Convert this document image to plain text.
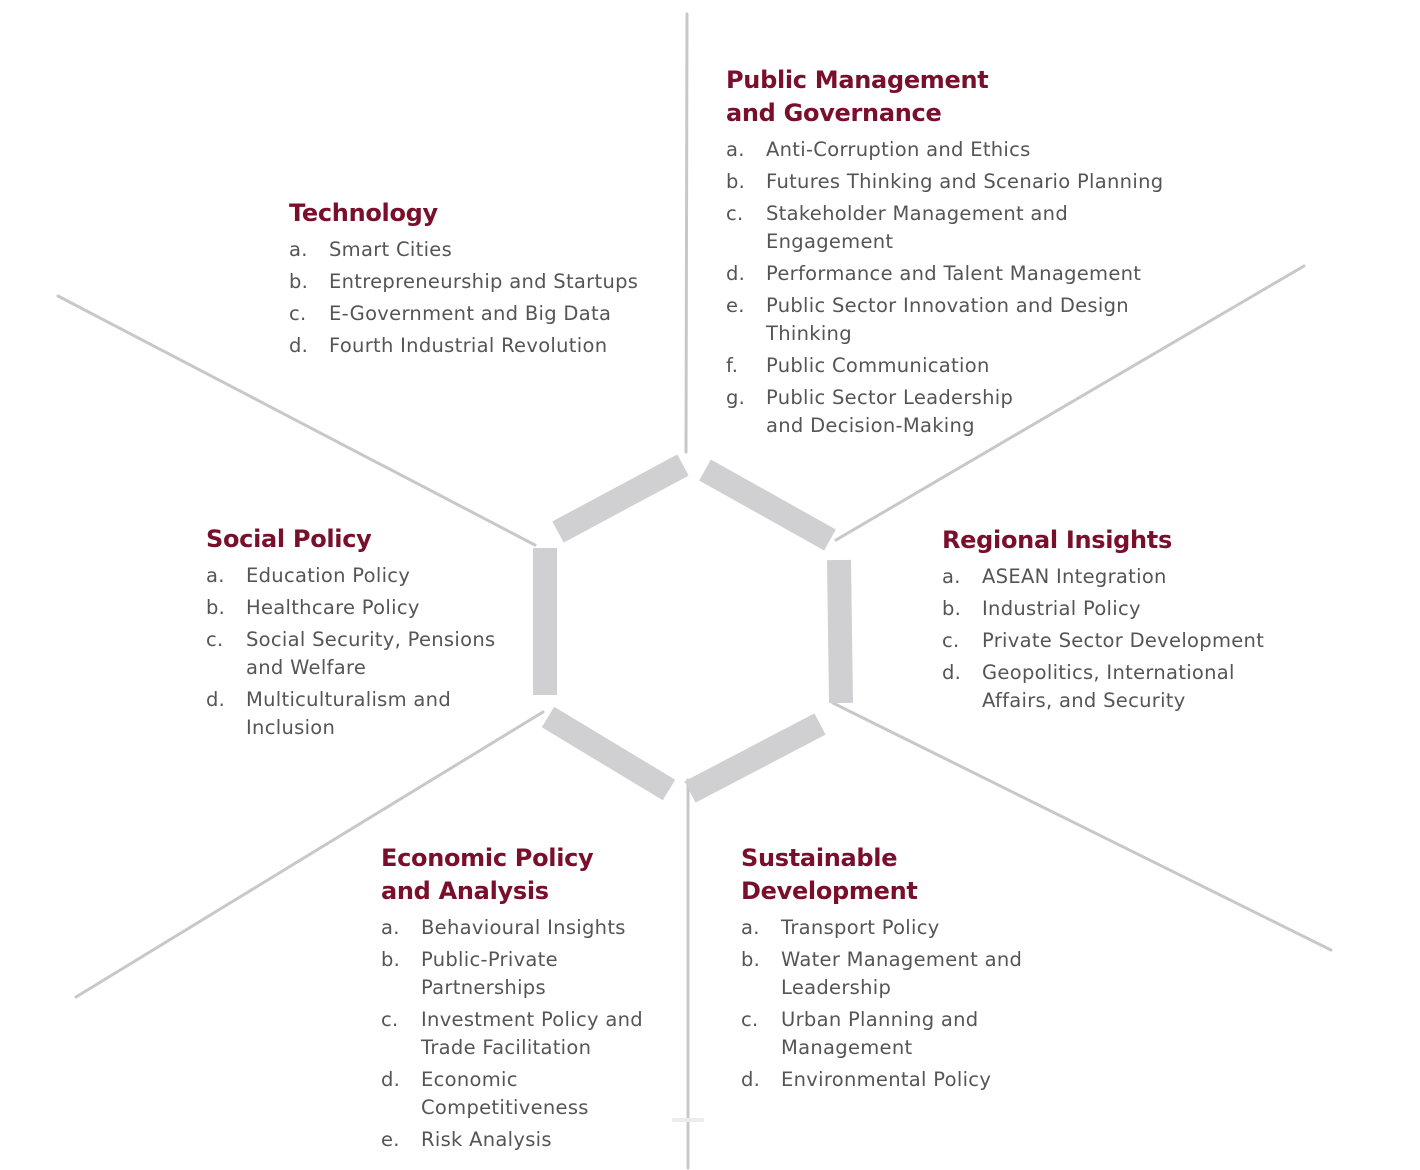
Public Management
and Governance
a.	Anti-Corruption and Ethics
b.	Futures Thinking and Scenario Planning
c.	Stakeholder Management and
Engagement
d.	Performance and Talent Management
e.	Public Sector Innovation and Design
Thinking
f.	Public Communication
g.	Public Sector Leadership
and Decision-Making
Technology
a.	Smart Cities
b.	Entrepreneurship and Startups
c.	E-Government and Big Data
d.	Fourth Industrial Revolution
Social Policy
a.	Education Policy
b.	Healthcare Policy
c.	Social Security, Pensions
and Welfare
d.	Multiculturalism and
Inclusion
Regional Insights
a.	ASEAN Integration
b.	Industrial Policy
c.	Private Sector Development
d.	Geopolitics, International
Affairs, and Security
Economic Policy
and Analysis
a.	Behavioural Insights
b.	Public-Private
Partnerships
c.	Investment Policy and
Trade Facilitation
d.	Economic
Competitiveness
e.	Risk Analysis
Sustainable
Development
a.	Transport Policy
b.	Water Management and
Leadership
c.	Urban Planning and
Management
d.	Environmental Policy
